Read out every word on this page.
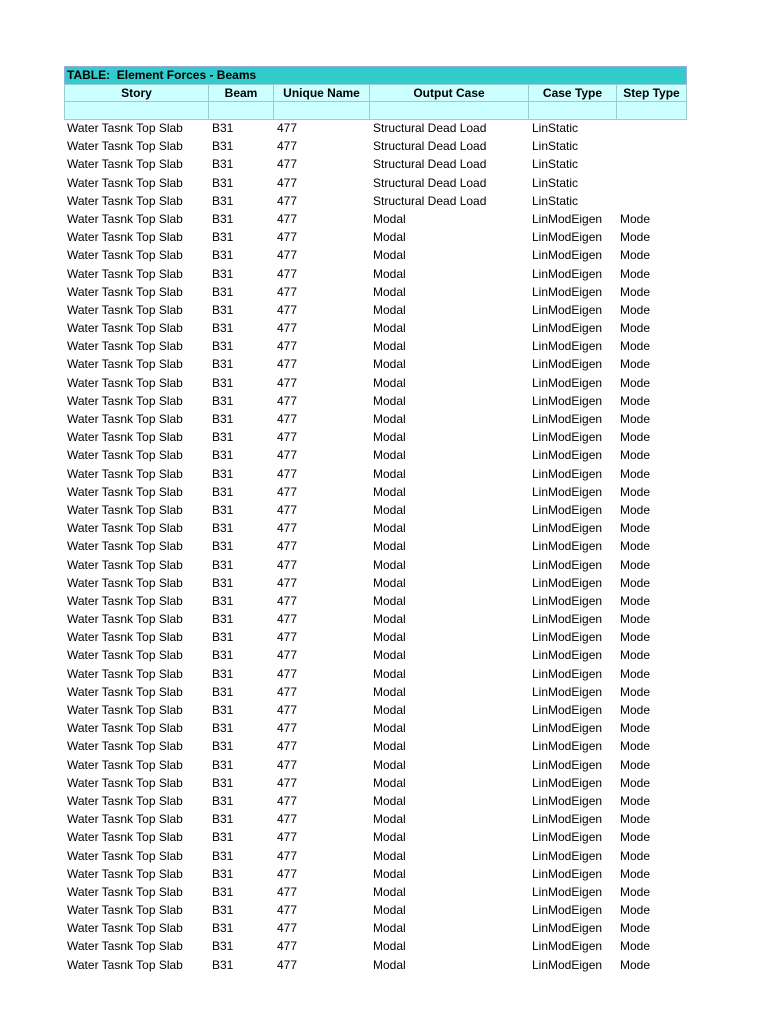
TABLE:  Element Forces - Beams
Story	Beam	Unique Name	Output Case	Case Type	Step Type
Water Tasnk Top Slab	B31	477	Structural Dead Load	LinStatic
Water Tasnk Top Slab	B31	477	Structural Dead Load	LinStatic
Water Tasnk Top Slab	B31	477	Structural Dead Load	LinStatic
Water Tasnk Top Slab	B31	477	Structural Dead Load	LinStatic
Water Tasnk Top Slab	B31	477	Structural Dead Load	LinStatic
Water Tasnk Top Slab	B31	477	Modal	LinModEigen	Mode
Water Tasnk Top Slab	B31	477	Modal	LinModEigen	Mode
Water Tasnk Top Slab	B31	477	Modal	LinModEigen	Mode
Water Tasnk Top Slab	B31	477	Modal	LinModEigen	Mode
Water Tasnk Top Slab	B31	477	Modal	LinModEigen	Mode
Water Tasnk Top Slab	B31	477	Modal	LinModEigen	Mode
Water Tasnk Top Slab	B31	477	Modal	LinModEigen	Mode
Water Tasnk Top Slab	B31	477	Modal	LinModEigen	Mode
Water Tasnk Top Slab	B31	477	Modal	LinModEigen	Mode
Water Tasnk Top Slab	B31	477	Modal	LinModEigen	Mode
Water Tasnk Top Slab	B31	477	Modal	LinModEigen	Mode
Water Tasnk Top Slab	B31	477	Modal	LinModEigen	Mode
Water Tasnk Top Slab	B31	477	Modal	LinModEigen	Mode
Water Tasnk Top Slab	B31	477	Modal	LinModEigen	Mode
Water Tasnk Top Slab	B31	477	Modal	LinModEigen	Mode
Water Tasnk Top Slab	B31	477	Modal	LinModEigen	Mode
Water Tasnk Top Slab	B31	477	Modal	LinModEigen	Mode
Water Tasnk Top Slab	B31	477	Modal	LinModEigen	Mode
Water Tasnk Top Slab	B31	477	Modal	LinModEigen	Mode
Water Tasnk Top Slab	B31	477	Modal	LinModEigen	Mode
Water Tasnk Top Slab	B31	477	Modal	LinModEigen	Mode
Water Tasnk Top Slab	B31	477	Modal	LinModEigen	Mode
Water Tasnk Top Slab	B31	477	Modal	LinModEigen	Mode
Water Tasnk Top Slab	B31	477	Modal	LinModEigen	Mode
Water Tasnk Top Slab	B31	477	Modal	LinModEigen	Mode
Water Tasnk Top Slab	B31	477	Modal	LinModEigen	Mode
Water Tasnk Top Slab	B31	477	Modal	LinModEigen	Mode
Water Tasnk Top Slab	B31	477	Modal	LinModEigen	Mode
Water Tasnk Top Slab	B31	477	Modal	LinModEigen	Mode
Water Tasnk Top Slab	B31	477	Modal	LinModEigen	Mode
Water Tasnk Top Slab	B31	477	Modal	LinModEigen	Mode
Water Tasnk Top Slab	B31	477	Modal	LinModEigen	Mode
Water Tasnk Top Slab	B31	477	Modal	LinModEigen	Mode
Water Tasnk Top Slab	B31	477	Modal	LinModEigen	Mode
Water Tasnk Top Slab	B31	477	Modal	LinModEigen	Mode
Water Tasnk Top Slab	B31	477	Modal	LinModEigen	Mode
Water Tasnk Top Slab	B31	477	Modal	LinModEigen	Mode
Water Tasnk Top Slab	B31	477	Modal	LinModEigen	Mode
Water Tasnk Top Slab	B31	477	Modal	LinModEigen	Mode
Water Tasnk Top Slab	B31	477	Modal	LinModEigen	Mode
Water Tasnk Top Slab	B31	477	Modal	LinModEigen	Mode
Water Tasnk Top Slab	B31	477	Modal	LinModEigen	Mode
